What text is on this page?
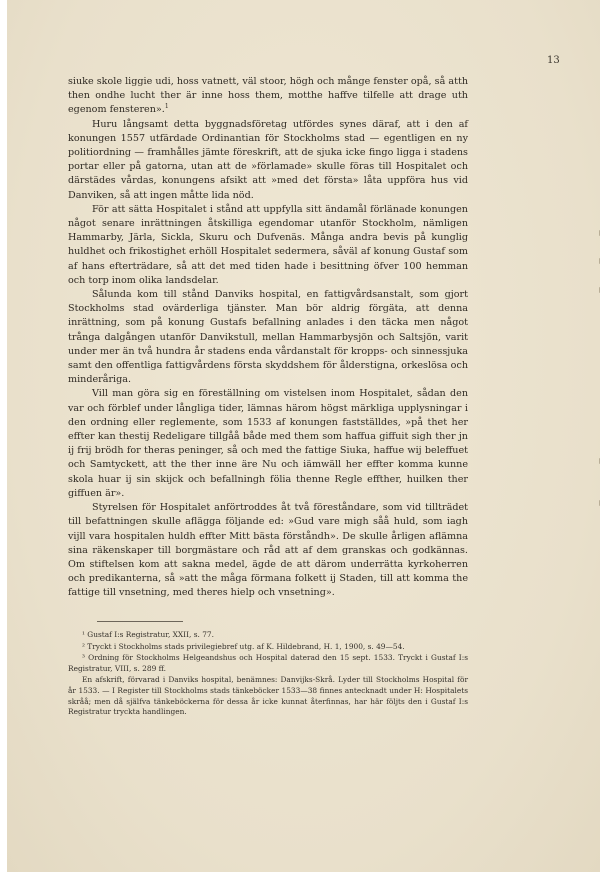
13

siuke skole liggie udi, hoss vatnett, väl stoor, högh och månge fenster opå, så atth then ondhe lucht ther är inne hoss them, motthe haffve tilfelle att drage uth egenom fensteren».$^1$

Huru långsamt detta byggnadsföretag utfördes synes däraf, att i den af konungen 1557 utfärdade Ordinantian för Stockholms stad — egentligen en ny politiordning — framhålles jämte föreskrift, att de sjuka icke fingo ligga i stadens portar eller på gatorna, utan att de »förlamade» skulle föras till Hospitalet och därstädes vårdas, konungens afsikt att »med det första» låta uppföra hus vid Danviken, så att ingen måtte lida nöd.

För att sätta Hospitalet i stånd att uppfylla sitt ändamål förlänade konungen något senare inrättningen åtskilliga egendomar utanför Stockholm, nämligen Hammarby, Järla, Sickla, Skuru och Dufvenäs. Många andra bevis på kunglig huldhet och frikostighet erhöll Hospitalet sedermera, såväl af konung Gustaf som af hans efterträdare, så att det med tiden hade i besittning öfver 100 hemman och torp inom olika landsdelar.

Sålunda kom till stånd Danviks hospital, en fattigvårdsanstalt, som gjort Stockholms stad ovärderliga tjänster. Man bör aldrig förgäta, att denna inrättning, som på konung Gustafs befallning anlades i den täcka men något trånga dalgången utanför Danvikstull, mellan Hammarbysjön och Saltsjön, varit under mer än två hundra år stadens enda vårdanstalt för kropps- och sinnessjuka samt den offentliga fattigvårdens första skyddshem för ålderstigna, orkeslösa och minderåriga.

Vill man göra sig en föreställning om vistelsen inom Hospitalet, sådan den var och förblef under långliga tider, lämnas härom högst märkliga upplysningar i den ordning eller reglemente, som 1533 af konungen fastställdes, »på thet her effter kan thestij Redeligare tillgåå både med them som haffua giffuit sigh ther jn ij frij brödh for theras peninger, så och med the fattige Siuka, haffue wij beleffuet och Samtyckett, att the ther inne äre Nu och iämwäll her effter komma kunne skola huar ij sin skijck och befallningh fölia thenne Regle effther, huilken ther giffuen är».

Styrelsen för Hospitalet anförtroddes åt två föreståndare, som vid tillträdet till befattningen skulle aflägga följande ed: »Gud vare migh såå huld, som iagh vijll vara hospitalen huldh effter Mitt bästa förståndh». De skulle årligen aflämna sina räkenskaper till borgmästare och råd att af dem granskas och godkännas. Om stiftelsen kom att sakna medel, ägde de att därom underrätta kyrkoherren och predikanterna, så »att the måga förmana folkett ij Staden, till att komma the fattige till vnsetning, med theres hielp och vnsetning».

¹ Gustaf I:s Registratur, XXII, s. 77.

² Tryckt i Stockholms stads privilegiebref utg. af K. Hildebrand, H. 1, 1900, s. 49—54.

³ Ordning för Stockholms Helgeandshus och Hospital daterad den 15 sept. 1533. Tryckt i Gustaf I:s Registratur, VIII, s. 289 ff.

En afskrift, förvarad i Danviks hospital, benämnes: Danvijks-Skrå. Lyder till Stockholms Hospital för år 1533. — I Register till Stockholms stads tänkeböcker 1533—38 finnes antecknadt under H: Hospitalets skråå; men då själfva tänkeböckerna för dessa år icke kunnat återfinnas, har här följts den i Gustaf I:s Registratur tryckta handlingen.
